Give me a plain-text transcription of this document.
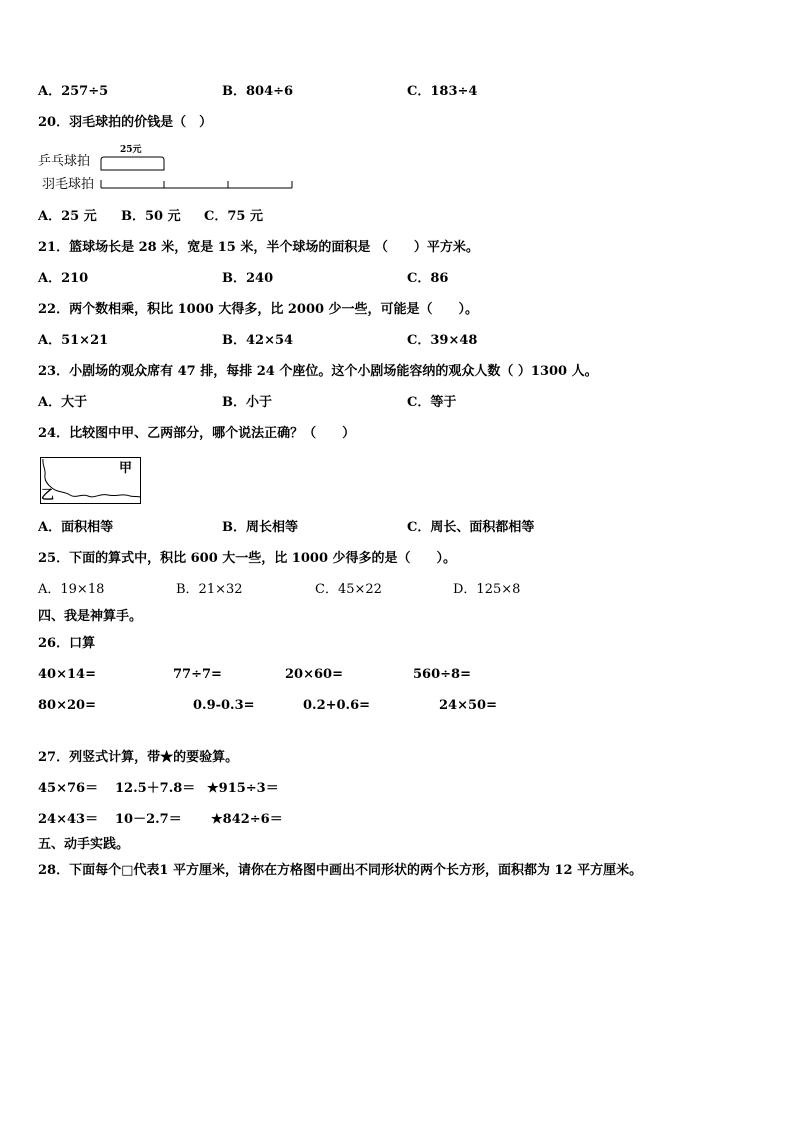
A．257÷5	B．804÷6	C．183÷4
20．羽毛球拍的价钱是（　）
25元
乒乓球拍
羽毛球拍
A．25 元 B．50 元 C．75 元
21．篮球场长是 28 米，宽是 15 米，半个球场的面积是 （　　）平方米。
A．210	B．240	C．86
22．两个数相乘，积比 1000 大得多，比 2000 少一些，可能是（　　）。
A．51×21	B．42×54	C．39×48
23．小剧场的观众席有 47 排，每排 24 个座位。这个小剧场能容纳的观众人数（ ）1300 人。
A．大于	B．小于	C．等于
24．比较图中甲、乙两部分，哪个说法正确？（　　）
甲
乙
A．面积相等	B．周长相等	C．周长、面积都相等
25．下面的算式中，积比 600 大一些，比 1000 少得多的是（　　）。
A．19×18	B．21×32	C．45×22	D．125×8
四、我是神算手。
26．口算
40×14=	77÷7=	20×60=	560÷8=
80×20=	0.9-0.3=	0.2+0.6=	24×50=
27．列竖式计算，带★的要验算。
45×76＝ 12.5＋7.8＝ ★915÷3＝
24×43＝ 10－2.7＝ ★842÷6＝
五、动手实践。
28．下面每个□代表1 平方厘米，请你在方格图中画出不同形状的两个长方形，面积都为 12 平方厘米。
